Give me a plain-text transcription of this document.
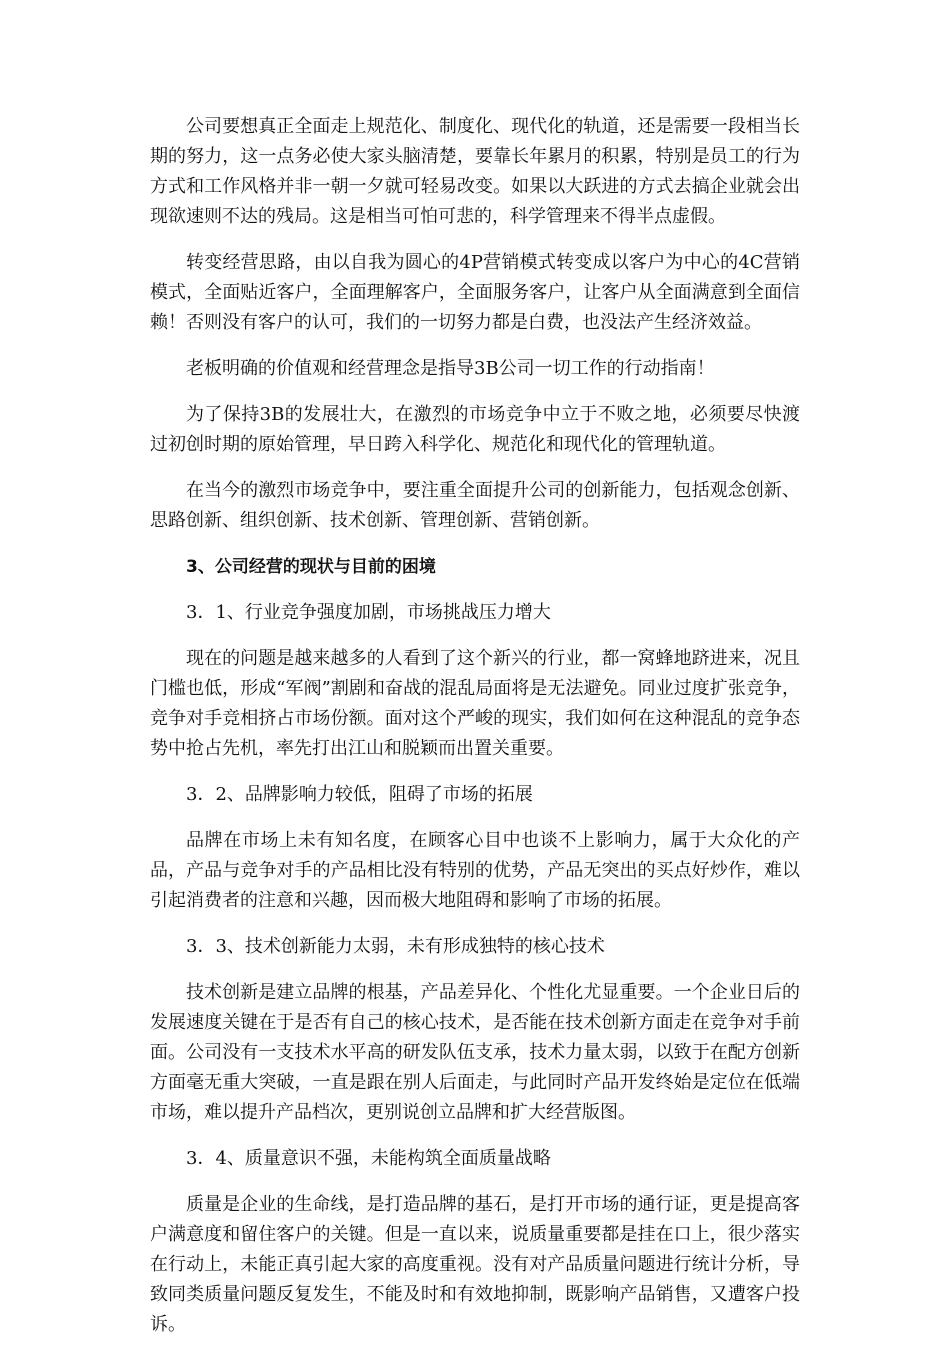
公司要想真正全面走上规范化、制度化、现代化的轨道，还是需要一段相当长期的努力，这一点务必使大家头脑清楚，要靠长年累月的积累，特别是员工的行为方式和工作风格并非一朝一夕就可轻易改变。如果以大跃进的方式去搞企业就会出现欲速则不达的残局。这是相当可怕可悲的，科学管理来不得半点虚假。

转变经营思路，由以自我为圆心的4P营销模式转变成以客户为中心的4C营销模式，全面贴近客户，全面理解客户，全面服务客户，让客户从全面满意到全面信赖！否则没有客户的认可，我们的一切努力都是白费，也没法产生经济效益。

老板明确的价值观和经营理念是指导3B公司一切工作的行动指南！

为了保持3B的发展壮大，在激烈的市场竞争中立于不败之地，必须要尽快渡过初创时期的原始管理，早日跨入科学化、规范化和现代化的管理轨道。

在当今的激烈市场竞争中，要注重全面提升公司的创新能力，包括观念创新、思路创新、组织创新、技术创新、管理创新、营销创新。

3、公司经营的现状与目前的困境

3．1、行业竞争强度加剧，市场挑战压力增大

现在的问题是越来越多的人看到了这个新兴的行业，都一窝蜂地跻进来，况且门槛也低，形成“军阀”割剧和奋战的混乱局面将是无法避免。同业过度扩张竞争，竞争对手竞相挤占市场份额。面对这个严峻的现实，我们如何在这种混乱的竞争态势中抢占先机，率先打出江山和脱颖而出置关重要。

3．2、品牌影响力较低，阻碍了市场的拓展

品牌在市场上未有知名度，在顾客心目中也谈不上影响力，属于大众化的产品，产品与竞争对手的产品相比没有特别的优势，产品无突出的买点好炒作，难以引起消费者的注意和兴趣，因而极大地阻碍和影响了市场的拓展。

3．3、技术创新能力太弱，未有形成独特的核心技术

技术创新是建立品牌的根基，产品差异化、个性化尤显重要。一个企业日后的发展速度关键在于是否有自己的核心技术，是否能在技术创新方面走在竞争对手前面。公司没有一支技术水平高的研发队伍支承，技术力量太弱，以致于在配方创新方面毫无重大突破，一直是跟在别人后面走，与此同时产品开发终始是定位在低端市场，难以提升产品档次，更别说创立品牌和扩大经营版图。

3．4、质量意识不强，未能构筑全面质量战略

质量是企业的生命线，是打造品牌的基石，是打开市场的通行证，更是提高客户满意度和留住客户的关键。但是一直以来，说质量重要都是挂在口上，很少落实在行动上，未能正真引起大家的高度重视。没有对产品质量问题进行统计分析，导致同类质量问题反复发生，不能及时和有效地抑制，既影响产品销售，又遭客户投诉。
